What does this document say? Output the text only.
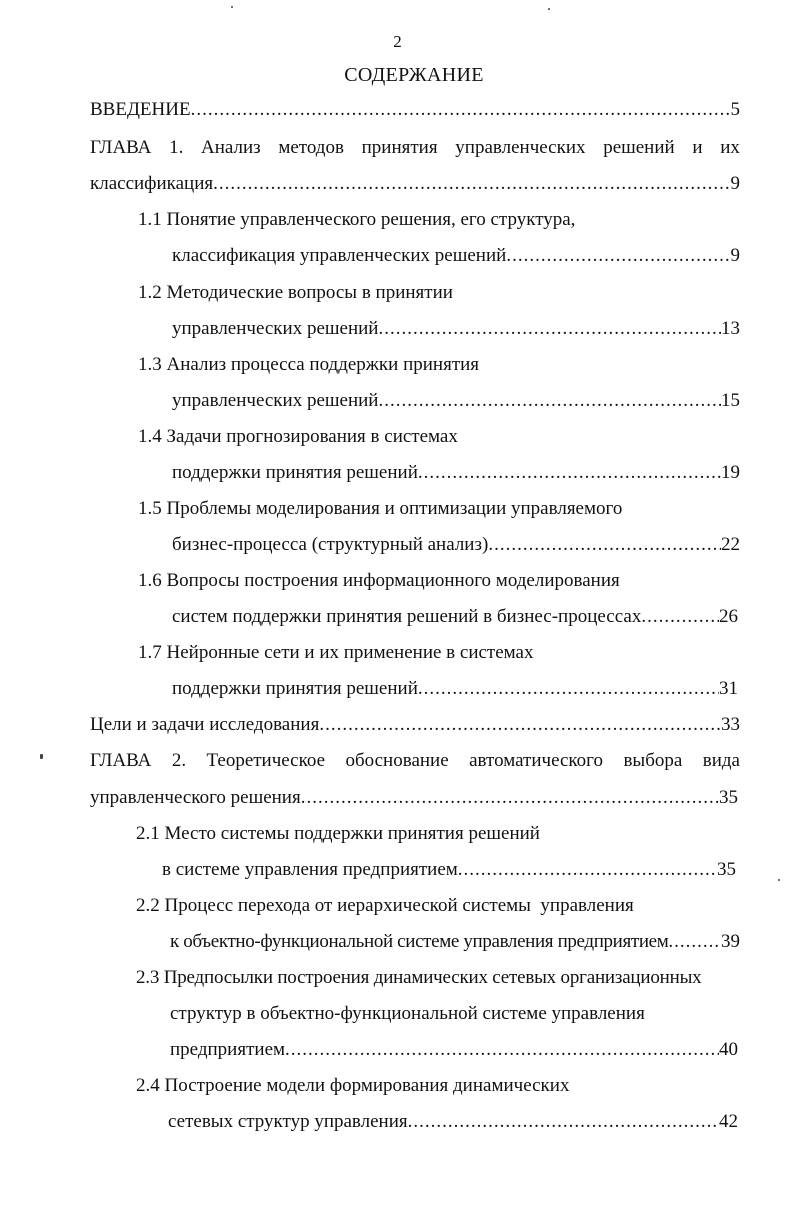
2
СОДЕРЖАНИЕ
ВВЕДЕНИЕ .....	5
ГЛАВА 1. Анализ методов принятия управленческих решений и их
классификация .....	9
1.1 Понятие управленческого решения, его структура,
классификация управленческих решений .....	9
1.2 Методические вопросы в принятии
управленческих решений .....	13
1.3 Анализ процесса поддержки принятия
управленческих решений .....	15
1.4 Задачи прогнозирования в системах
поддержки принятия решений .....	19
1.5 Проблемы моделирования и оптимизации управляемого
бизнес-процесса (структурный анализ) .....	22
1.6 Вопросы построения информационного моделирования
систем поддержки принятия решений в бизнес-процессах .....	26
1.7 Нейронные сети и их применение в системах
поддержки принятия решений .....	31
Цели и задачи исследования .....	33
ГЛАВА 2. Теоретическое обоснование автоматического выбора вида
управленческого решения .....	35
2.1 Место системы поддержки принятия решений
в системе управления предприятием .....	35
2.2 Процесс перехода от иерархической системы  управления
к объектно-функциональной системе управления предприятием .....	39
2.3 Предпосылки построения динамических сетевых организационных
структур в объектно-функциональной системе управления
предприятием .....	40
2.4 Построение модели формирования динамических
сетевых структур управления .....	42
